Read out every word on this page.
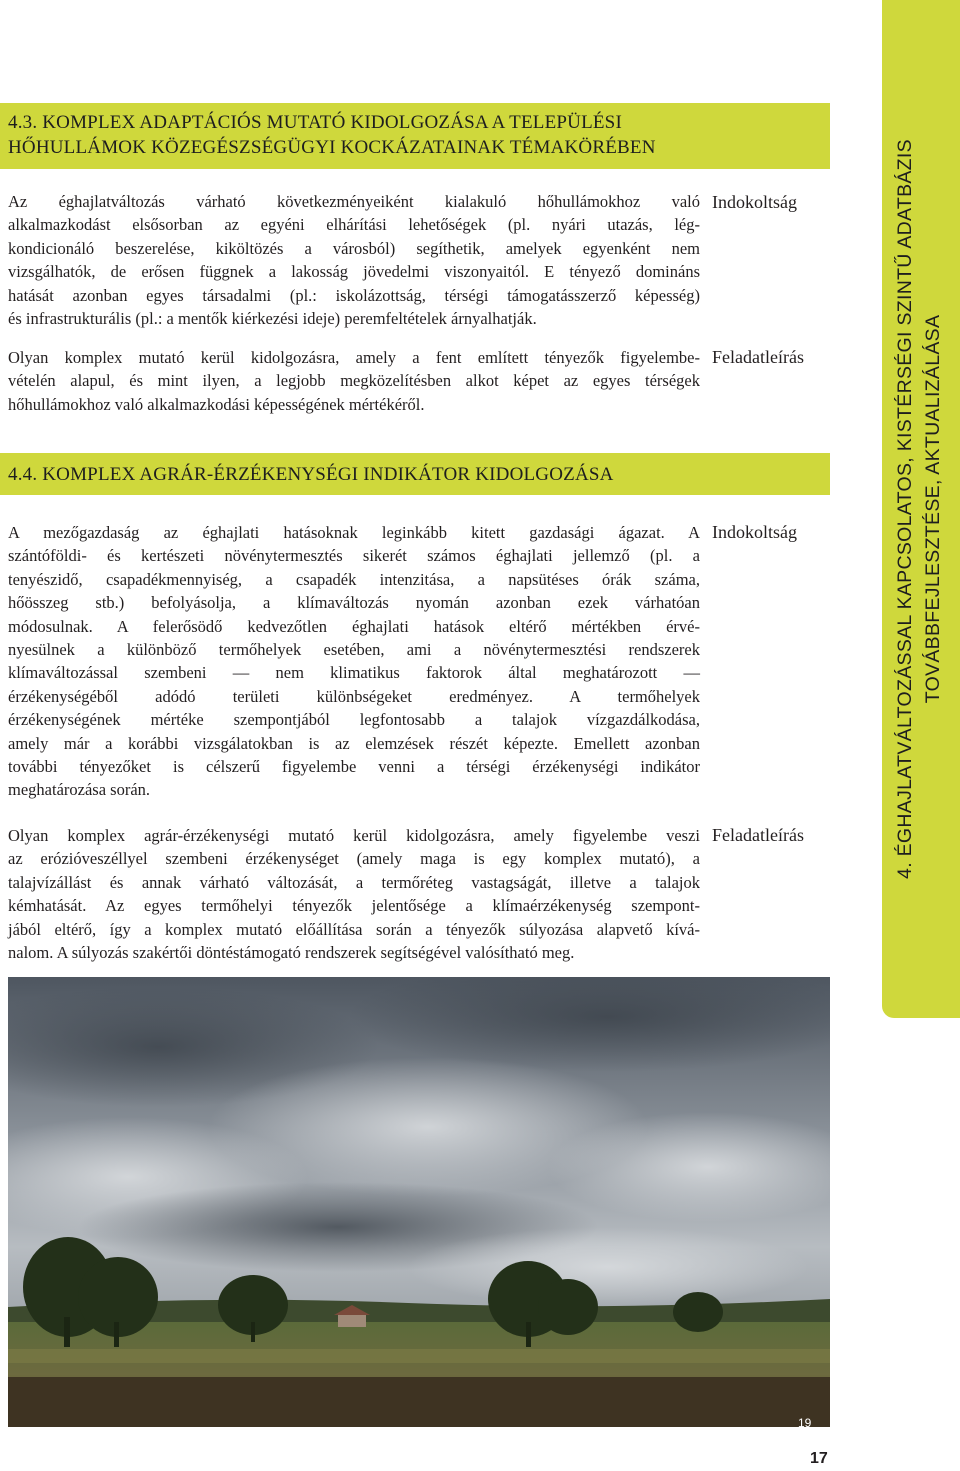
4.3. KOMPLEX ADAPTÁCIÓS MUTATÓ KIDOLGOZÁSA A TELEPÜLÉSI
HŐHULLÁMOK KÖZEGÉSZSÉGÜGYI KOCKÁZATAINAK TÉMAKÖRÉBEN

Az éghajlatváltozás várható következményeiként kialakuló hőhullámokhoz való
alkalmazkodást elsősorban az egyéni elhárítási lehetőségek (pl. nyári utazás, lég-
kondicionáló beszerelése, kiköltözés a városból) segíthetik, amelyek egyenként nem
vizsgálhatók, de erősen függnek a lakosság jövedelmi viszonyaitól. E tényező domináns
hatását azonban egyes társadalmi (pl.: iskolázottság, térségi támogatásszerző képesség)
és infrastrukturális (pl.: a mentők kiérkezési ideje) peremfeltételek árnyalhatják.

Indokoltság

Olyan komplex mutató kerül kidolgozásra, amely a fent említett tényezők figyelembe-
vételén alapul, és mint ilyen, a legjobb megközelítésben alkot képet az egyes térségek
hőhullámokhoz való alkalmazkodási képességének mértékéről.

Feladatleírás
4.4. KOMPLEX AGRÁR-ÉRZÉKENYSÉGI INDIKÁTOR KIDOLGOZÁSA

A mezőgazdaság az éghajlati hatásoknak leginkább kitett gazdasági ágazat. A
szántóföldi- és kertészeti növénytermesztés sikerét számos éghajlati jellemző (pl. a
tenyészidő, csapadékmennyiség, a csapadék intenzitása, a napsütéses órák száma,
hőösszeg stb.) befolyásolja, a klímaváltozás nyomán azonban ezek várhatóan
módosulnak. A felerősödő kedvezőtlen éghajlati hatások eltérő mértékben érvé-
nyesülnek a különböző termőhelyek esetében, ami a növénytermesztési rendszerek
klímaváltozással szembeni — nem klimatikus faktorok által meghatározott —
érzékenységéből adódó területi különbségeket eredményez. A termőhelyek
érzékenységének mértéke szempontjából legfontosabb a talajok vízgazdálkodása,
amely már a korábbi vizsgálatokban is az elemzések részét képezte. Emellett azonban
további tényezőket is célszerű figyelembe venni a térségi érzékenységi indikátor
meghatározása során.

Indokoltság

Olyan komplex agrár-érzékenységi mutató kerül kidolgozásra, amely figyelembe veszi
az erózióveszéllyel szembeni érzékenységet (amely maga is egy komplex mutató), a
talajvízállást és annak várható változását, a termőréteg vastagságát, illetve a talajok
kémhatását. Az egyes termőhelyi tényezők jelentősége a klímaérzékenység szempont-
jából eltérő, így a komplex mutató előállítása során a tényezők súlyozása alapvető kívá-
nalom. A súlyozás szakértői döntéstámogató rendszerek segítségével valósítható meg.

Feladatleírás	4. ÉGHAJLATVÁLTOZÁSSAL KAPCSOLATOS, KISTÉRSÉGI SZINTŰ ADATBÁZIS TOVÁBBFEJLESZTÉSE, AKTUALIZÁLÁSA
19
17
